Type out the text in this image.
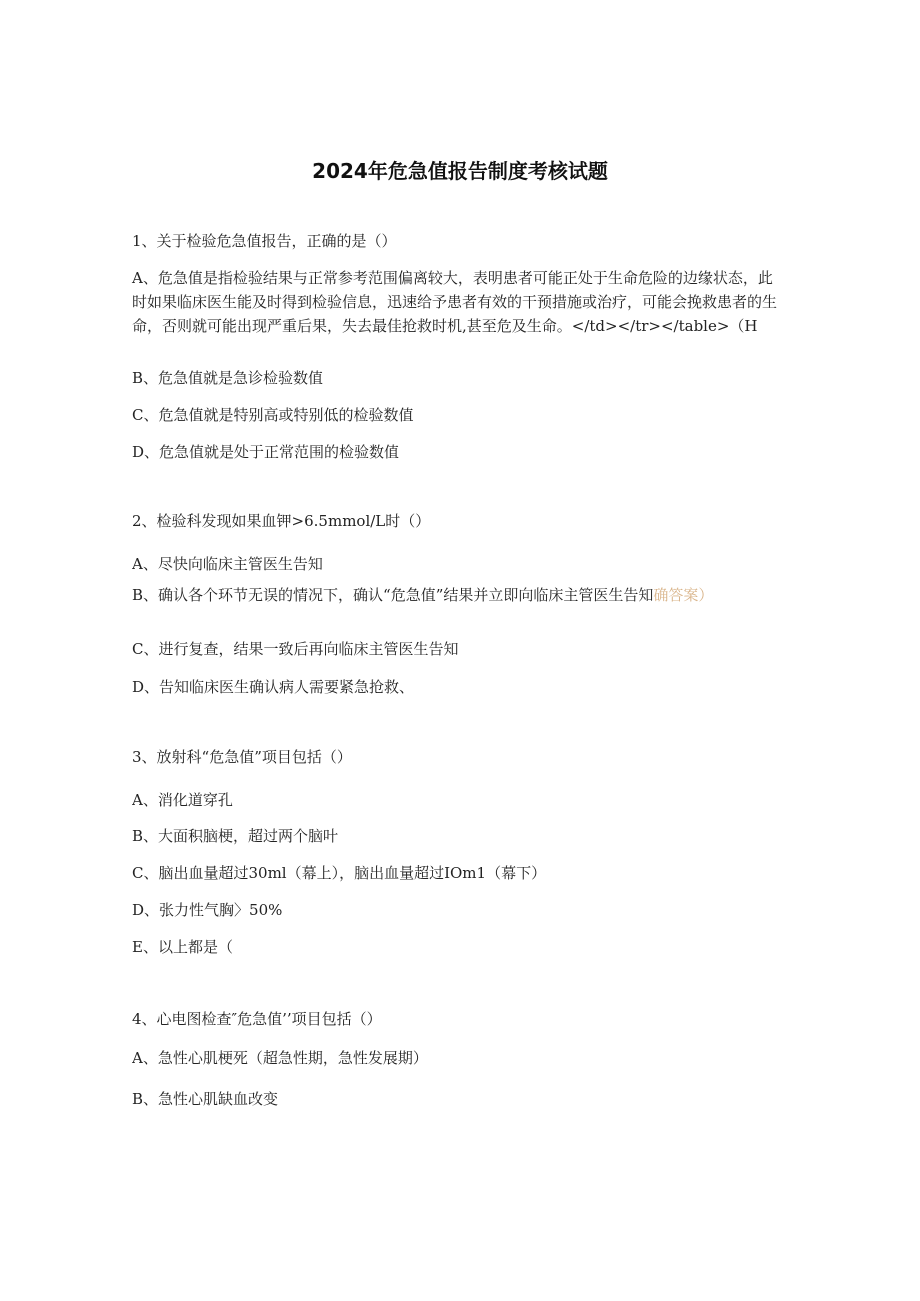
2024年危急值报告制度考核试题
1、关于检验危急值报告，正确的是（）
A、危急值是指检验结果与正常参考范围偏离较大，表明患者可能正处于生命危险的边缘状态，此时如果临床医生能及时得到检验信息，迅速给予患者有效的干预措施或治疗，可能会挽救患者的生命，否则就可能出现严重后果，失去最佳抢救时机,甚至危及生命。</td></tr></table>（H
B、危急值就是急诊检验数值
C、危急值就是特别高或特别低的检验数值
D、危急值就是处于正常范围的检验数值
2、检验科发现如果血钾>6.5mmol∕L时（）
A、尽快向临床主管医生告知
B、确认各个环节无误的情况下，确认“危急值”结果并立即向临床主管医生告知确答案）
C、进行复查，结果一致后再向临床主管医生告知
D、告知临床医生确认病人需要紧急抢救、
3、放射科“危急值”项目包括（）
A、消化道穿孔
B、大面积脑梗，超过两个脑叶
C、脑出血量超过30ml（幕上），脑出血量超过IOm1（幕下）
D、张力性气胸〉50%
E、以上都是（
4、心电图检查″危急值’’项目包括（）
A、急性心肌梗死（超急性期，急性发展期）
B、急性心肌缺血改变
